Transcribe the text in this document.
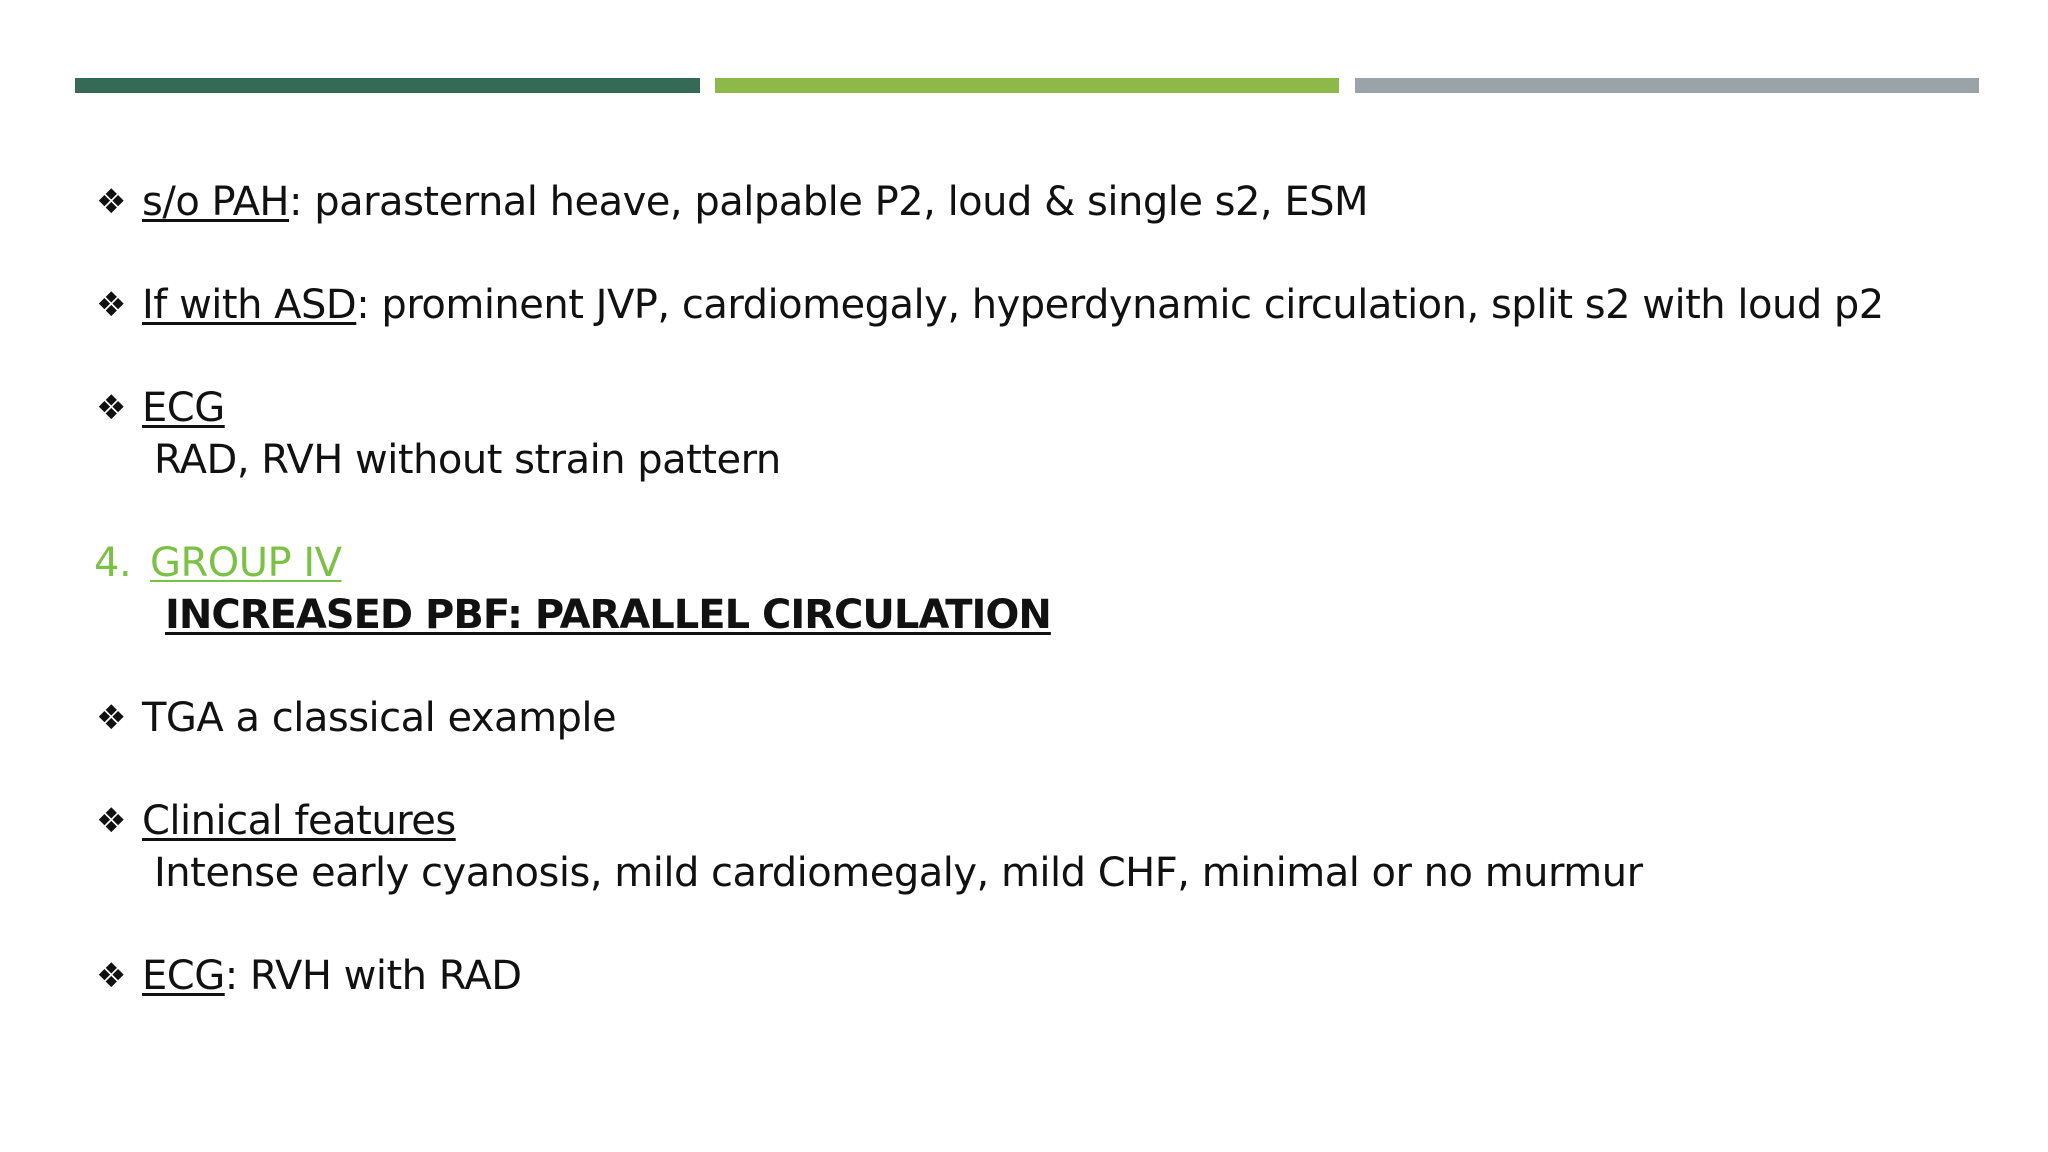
❖ s/o PAH: parasternal heave, palpable P2, loud & single s2, ESM
❖ If with ASD: prominent JVP, cardiomegaly, hyperdynamic circulation, split s2 with loud p2
❖ ECG
RAD, RVH without strain pattern
4. GROUP IV
INCREASED PBF: PARALLEL CIRCULATION
❖ TGA a classical example
❖ Clinical features
Intense early cyanosis, mild cardiomegaly, mild CHF, minimal or no murmur
❖ ECG: RVH with RAD
